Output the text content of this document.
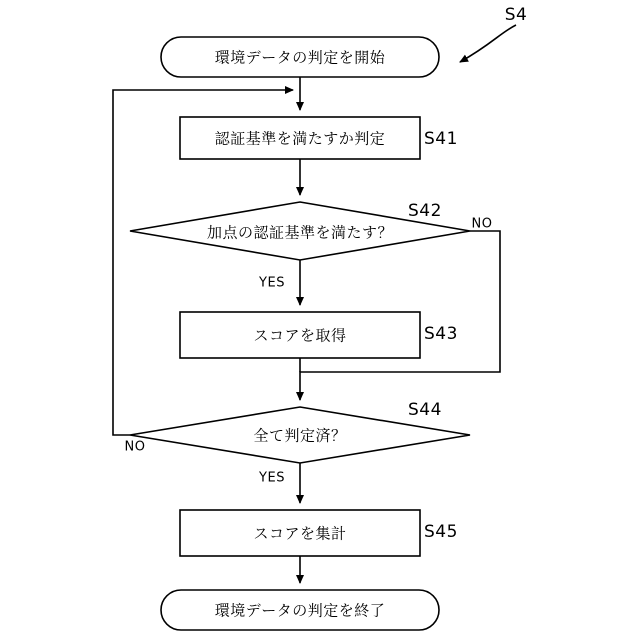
S4
環境データの判定を開始
認証基準を満たすか判定
加点の認証基準を満たす？
スコアを取得
全て判定済？
スコアを集計
環境データの判定を終了
S41
S42
S43
S44
S45
NO
YES
NO
YES
